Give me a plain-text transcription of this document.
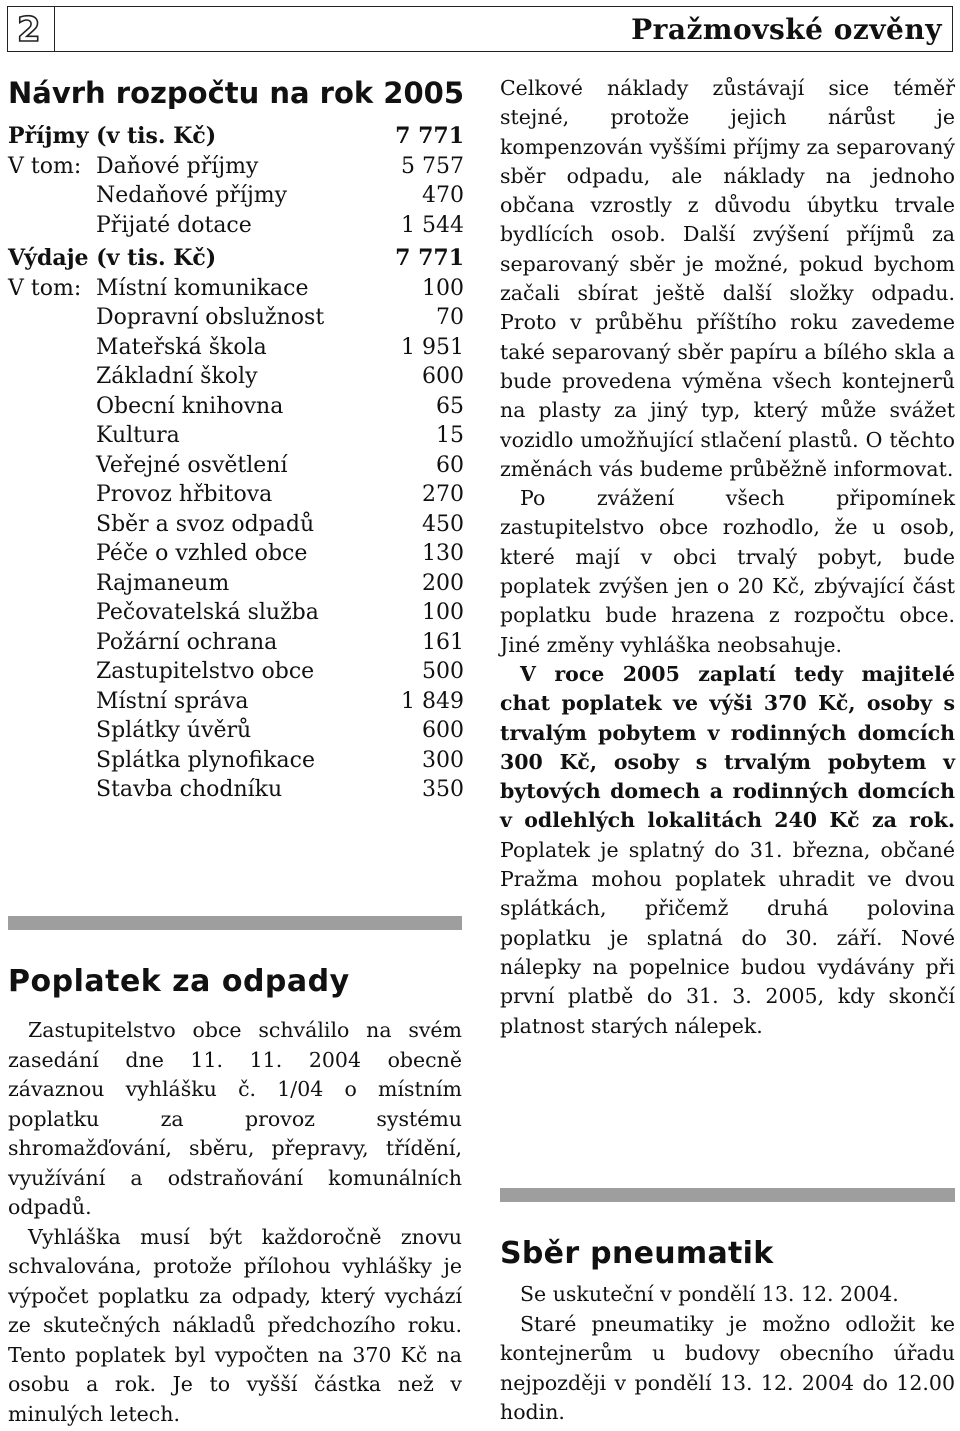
2	Pražmovské ozvěny
Návrh rozpočtu na rok 2005
Příjmy (v tis. Kč)	7 771
V tom: Daňové příjmy	5 757
Nedaňové příjmy	470
Přijaté dotace	1 544
Výdaje (v tis. Kč)	7 771
V tom: Místní komunikace	100
Dopravní obslužnost	70
Mateřská škola	1 951
Základní školy	600
Obecní knihovna	65
Kultura	15
Veřejné osvětlení	60
Provoz hřbitova	270
Sběr a svoz odpadů	450
Péče o vzhled obce	130
Rajmaneum	200
Pečovatelská služba	100
Požární ochrana	161
Zastupitelstvo obce	500
Místní správa	1 849
Splátky úvěrů	600
Splátka plynofikace	300
Stavba chodníku	350
Poplatek za odpady

Zastupitelstvo obce schválilo na svém zasedání dne 11. 11. 2004 obecně závaznou vyhlášku č. 1/04 o místním poplatku za provoz systému shromažďování, sběru, přepravy, třídění, využívání a odstraňování komunálních odpadů.

Vyhláška musí být každoročně znovu schvalována, protože přílohou vyhlášky je výpočet poplatku za odpady, který vychází ze skutečných nákladů předchozího roku. Tento poplatek byl vypočten na 370 Kč na osobu a rok. Je to vyšší částka než v minulých letech.

Celkové náklady zůstávají sice téměř stejné, protože jejich nárůst je kompenzován vyššími příjmy za separovaný sběr odpadu, ale náklady na jednoho občana vzrostly z důvodu úbytku trvale bydlících osob. Další zvýšení příjmů za separovaný sběr je možné, pokud bychom začali sbírat ještě další složky odpadu. Proto v průběhu příštího roku zavedeme také separovaný sběr papíru a bílého skla a bude provedena výměna všech kontejnerů na plasty za jiný typ, který může svážet vozidlo umožňující stlačení plastů. O těchto změnách vás budeme průběžně informovat.

Po zvážení všech připomínek zastupitelstvo obce rozhodlo, že u osob, které mají v obci trvalý pobyt, bude poplatek zvýšen jen o 20 Kč, zbývající část poplatku bude hrazena z rozpočtu obce. Jiné změny vyhláška neobsahuje.

V roce 2005 zaplatí tedy majitelé chat poplatek ve výši 370 Kč, osoby s trvalým pobytem v rodinných domcích 300 Kč, osoby s trvalým pobytem v bytových domech a rodinných domcích v odlehlých lokalitách 240 Kč za rok. Poplatek je splatný do 31. března, občané Pražma mohou poplatek uhradit ve dvou splátkách, přičemž druhá polovina poplatku je splatná do 30. září. Nové nálepky na popelnice budou vydávány při první platbě do 31. 3. 2005, kdy skončí platnost starých nálepek.

Sběr pneumatik

Se uskuteční v pondělí 13. 12. 2004.

Staré pneumatiky je možno odložit ke kontejnerům u budovy obecního úřadu nejpozději v pondělí 13. 12. 2004 do 12.00 hodin.
